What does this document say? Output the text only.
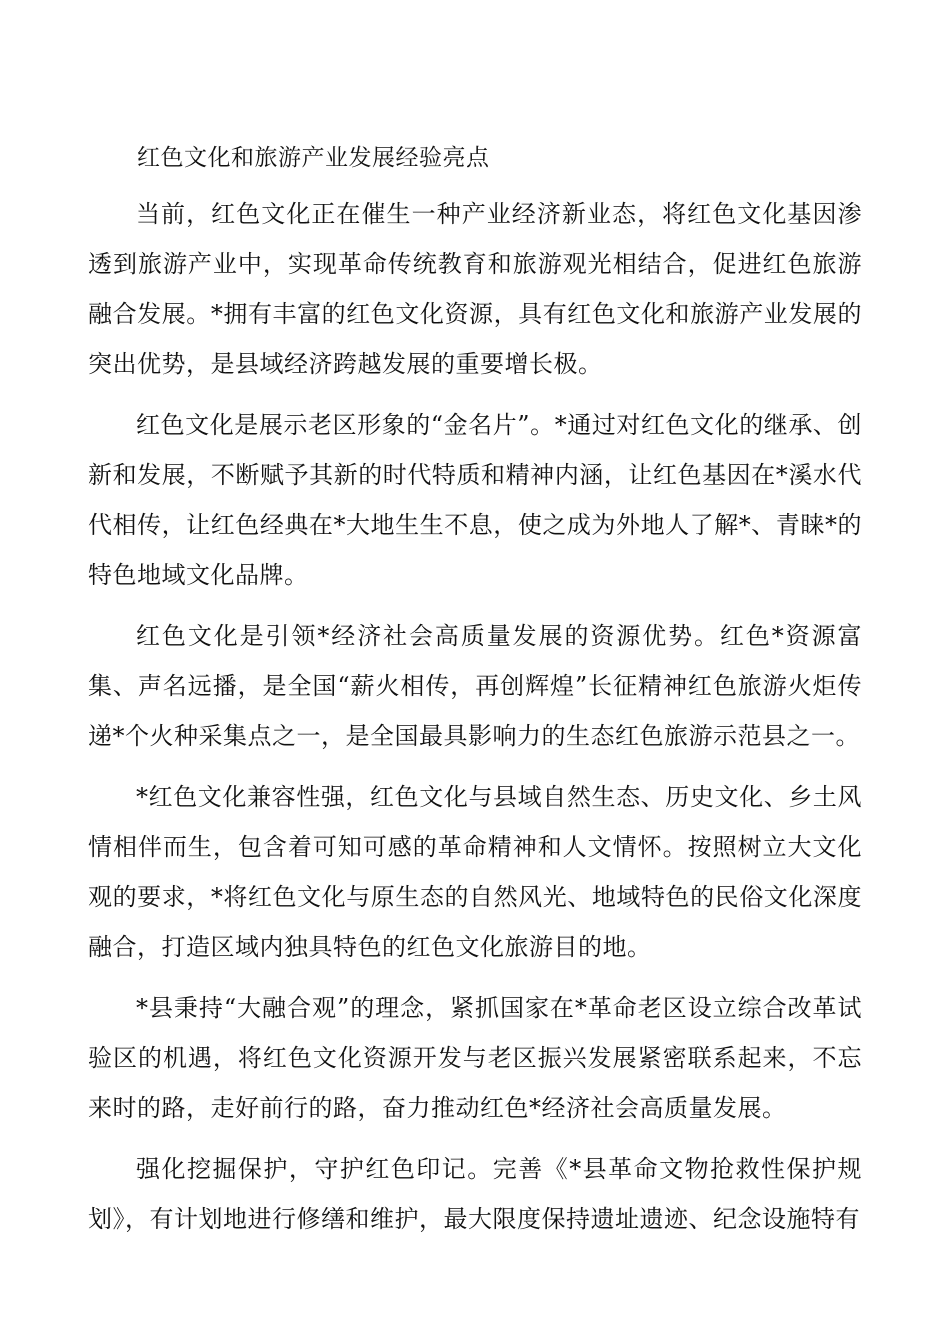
红色文化和旅游产业发展经验亮点

当前，红色文化正在催生一种产业经济新业态，将红色文化基因渗透到旅游产业中，实现革命传统教育和旅游观光相结合，促进红色旅游融合发展。*拥有丰富的红色文化资源，具有红色文化和旅游产业发展的突出优势，是县域经济跨越发展的重要增长极。

红色文化是展示老区形象的“金名片”。*通过对红色文化的继承、创新和发展，不断赋予其新的时代特质和精神内涵，让红色基因在*溪水代代相传，让红色经典在*大地生生不息，使之成为外地人了解*、青睐*的特色地域文化品牌。

红色文化是引领*经济社会高质量发展的资源优势。红色*资源富集、声名远播，是全国“薪火相传，再创辉煌”长征精神红色旅游火炬传递*个火种采集点之一，是全国最具影响力的生态红色旅游示范县之一。

*红色文化兼容性强，红色文化与县域自然生态、历史文化、乡土风情相伴而生，包含着可知可感的革命精神和人文情怀。按照树立大文化观的要求，*将红色文化与原生态的自然风光、地域特色的民俗文化深度融合，打造区域内独具特色的红色文化旅游目的地。

*县秉持“大融合观”的理念，紧抓国家在*革命老区设立综合改革试验区的机遇，将红色文化资源开发与老区振兴发展紧密联系起来，不忘来时的路，走好前行的路，奋力推动红色*经济社会高质量发展。

强化挖掘保护，守护红色印记。完善《*县革命文物抢救性保护规划》，有计划地进行修缮和维护，最大限度保持遗址遗迹、纪念设施特有
